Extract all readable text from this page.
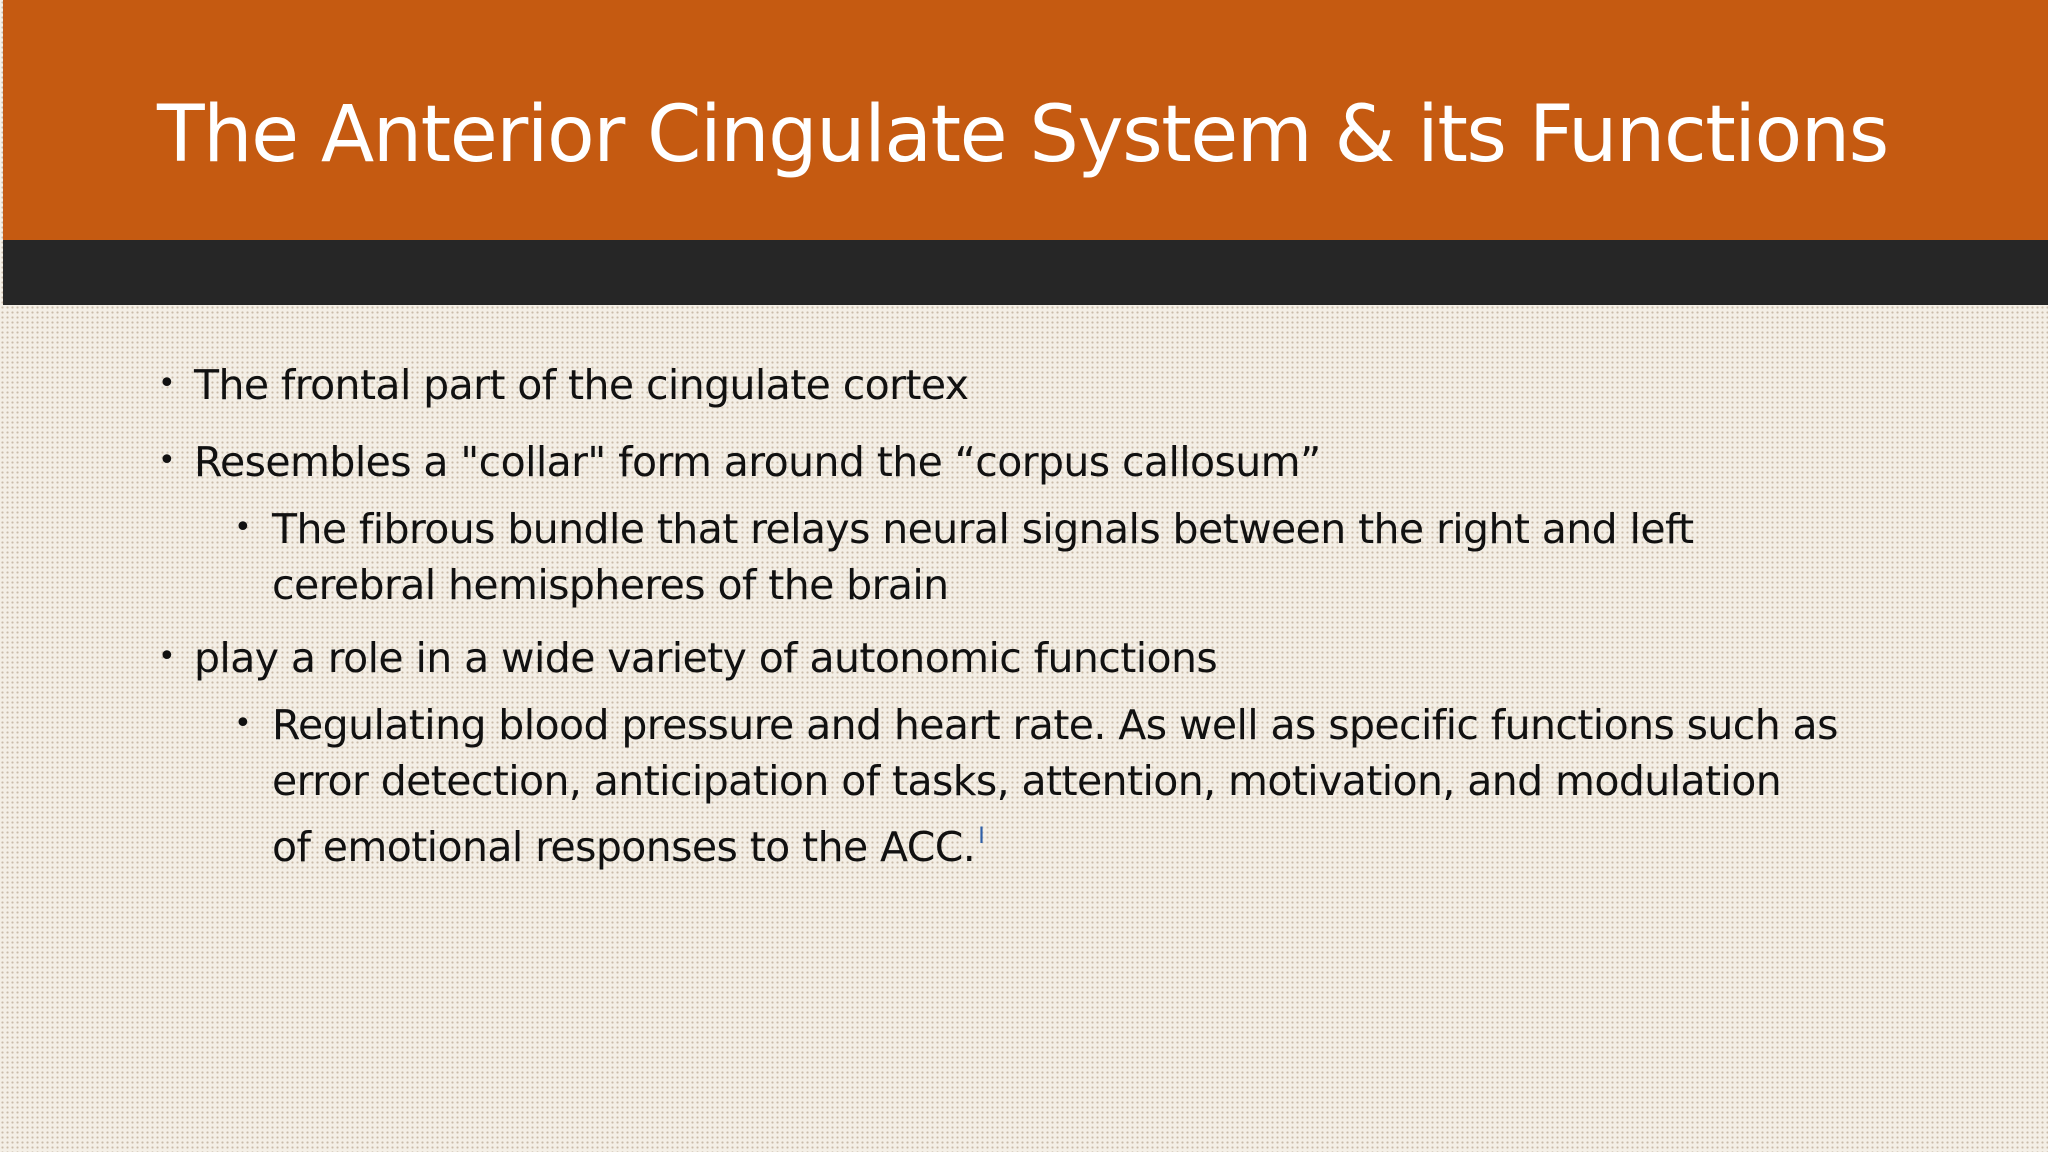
The Anterior Cingulate System & its Functions
• The frontal part of the cingulate cortex
• Resembles a "collar" form around the “corpus callosum”
• The fibrous bundle that relays neural signals between the right and left
cerebral hemispheres of the brain
• play a role in a wide variety of autonomic functions
• Regulating blood pressure and heart rate. As well as specific functions such as
error detection, anticipation of tasks, attention, motivation, and modulation
of emotional responses to the ACC. $^I$
